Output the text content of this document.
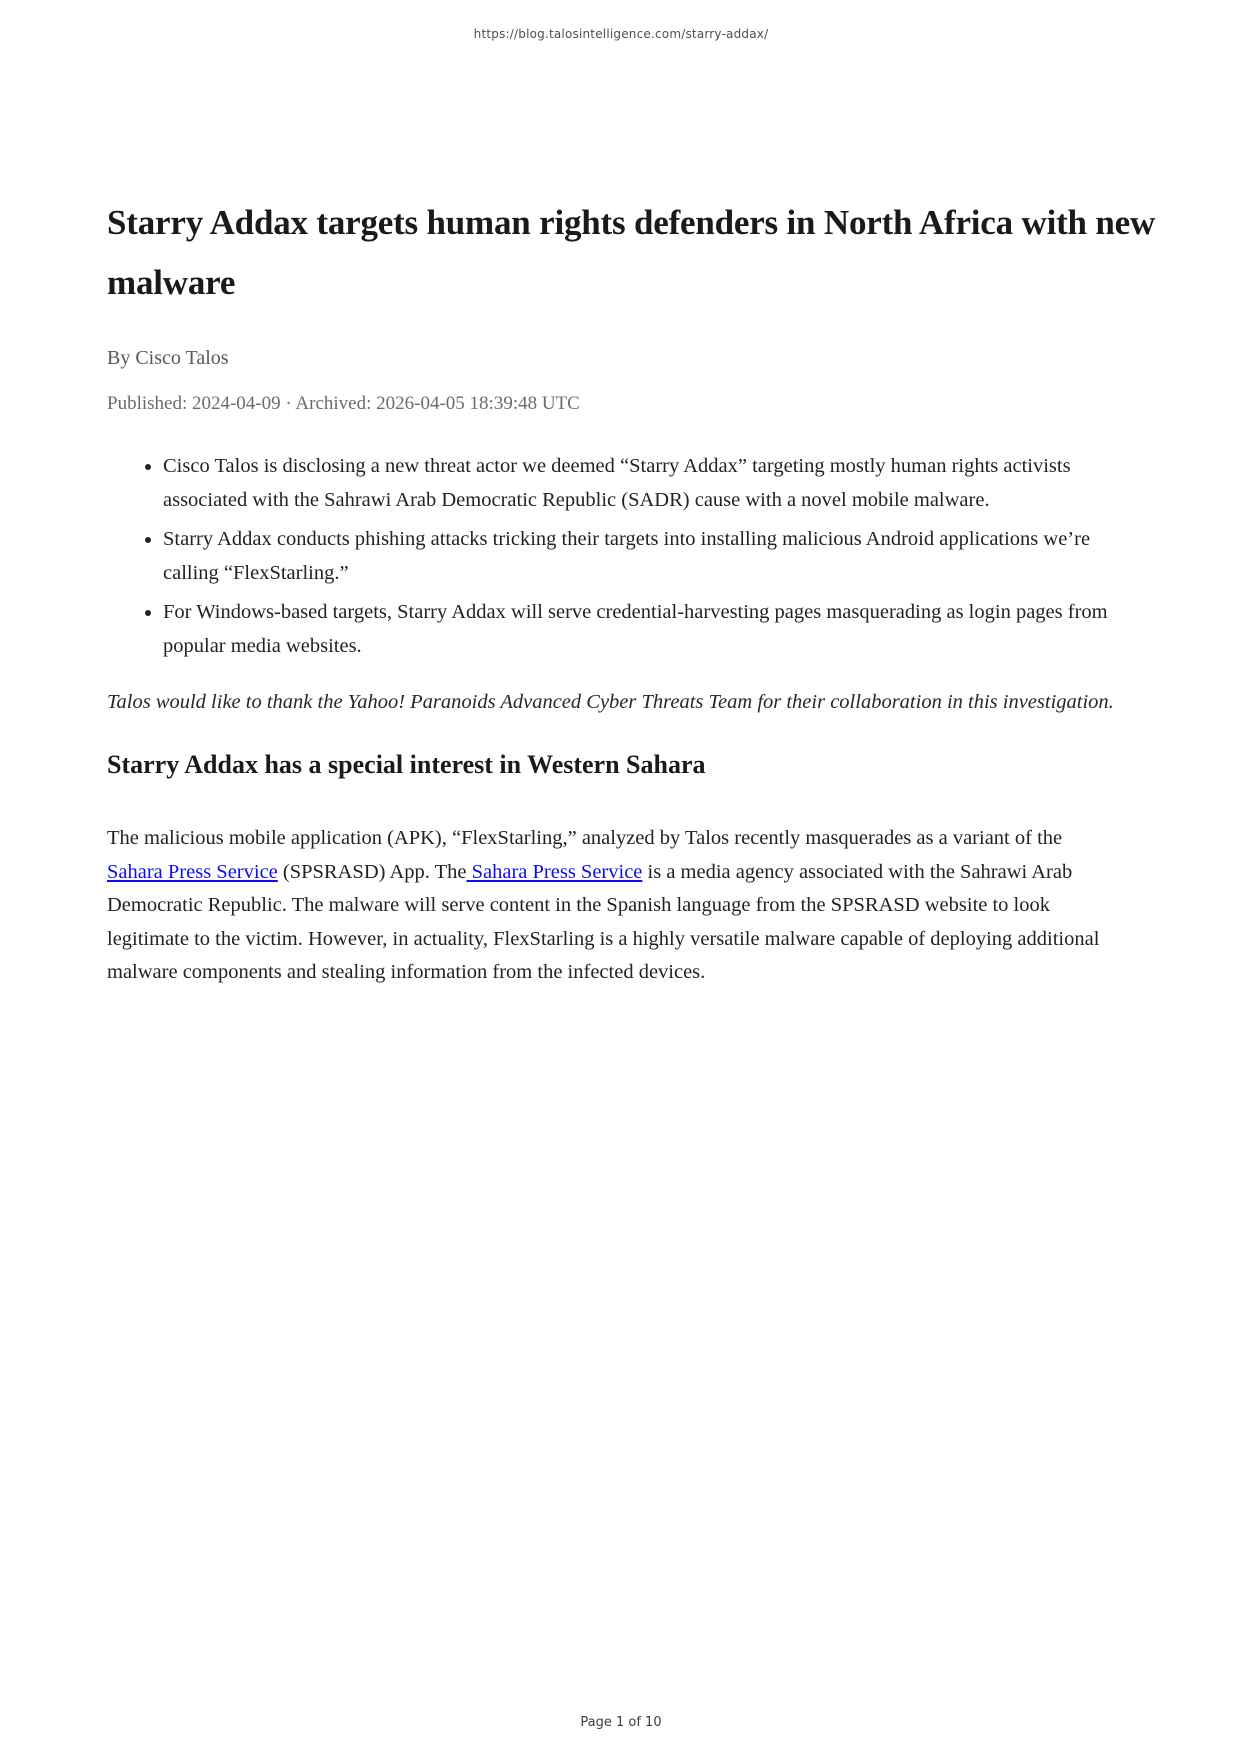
https://blog.talosintelligence.com/starry-addax/
Starry Addax targets human rights defenders in North Africa with new malware

By Cisco Talos

Published: 2024-04-09 · Archived: 2026-04-05 18:39:48 UTC

• Cisco Talos is disclosing a new threat actor we deemed “Starry Addax” targeting mostly human rights activists associated with the Sahrawi Arab Democratic Republic (SADR) cause with a novel mobile malware.
• Starry Addax conducts phishing attacks tricking their targets into installing malicious Android applications we’re calling “FlexStarling.”
• For Windows-based targets, Starry Addax will serve credential-harvesting pages masquerading as login pages from popular media websites.

Talos would like to thank the Yahoo! Paranoids Advanced Cyber Threats Team for their collaboration in this investigation.

Starry Addax has a special interest in Western Sahara

The malicious mobile application (APK), “FlexStarling,” analyzed by Talos recently masquerades as a variant of the Sahara Press Service (SPSRASD) App. The Sahara Press Service is a media agency associated with the Sahrawi Arab Democratic Republic. The malware will serve content in the Spanish language from the SPSRASD website to look legitimate to the victim. However, in actuality, FlexStarling is a highly versatile malware capable of deploying additional malware components and stealing information from the infected devices.

Page 1 of 10
